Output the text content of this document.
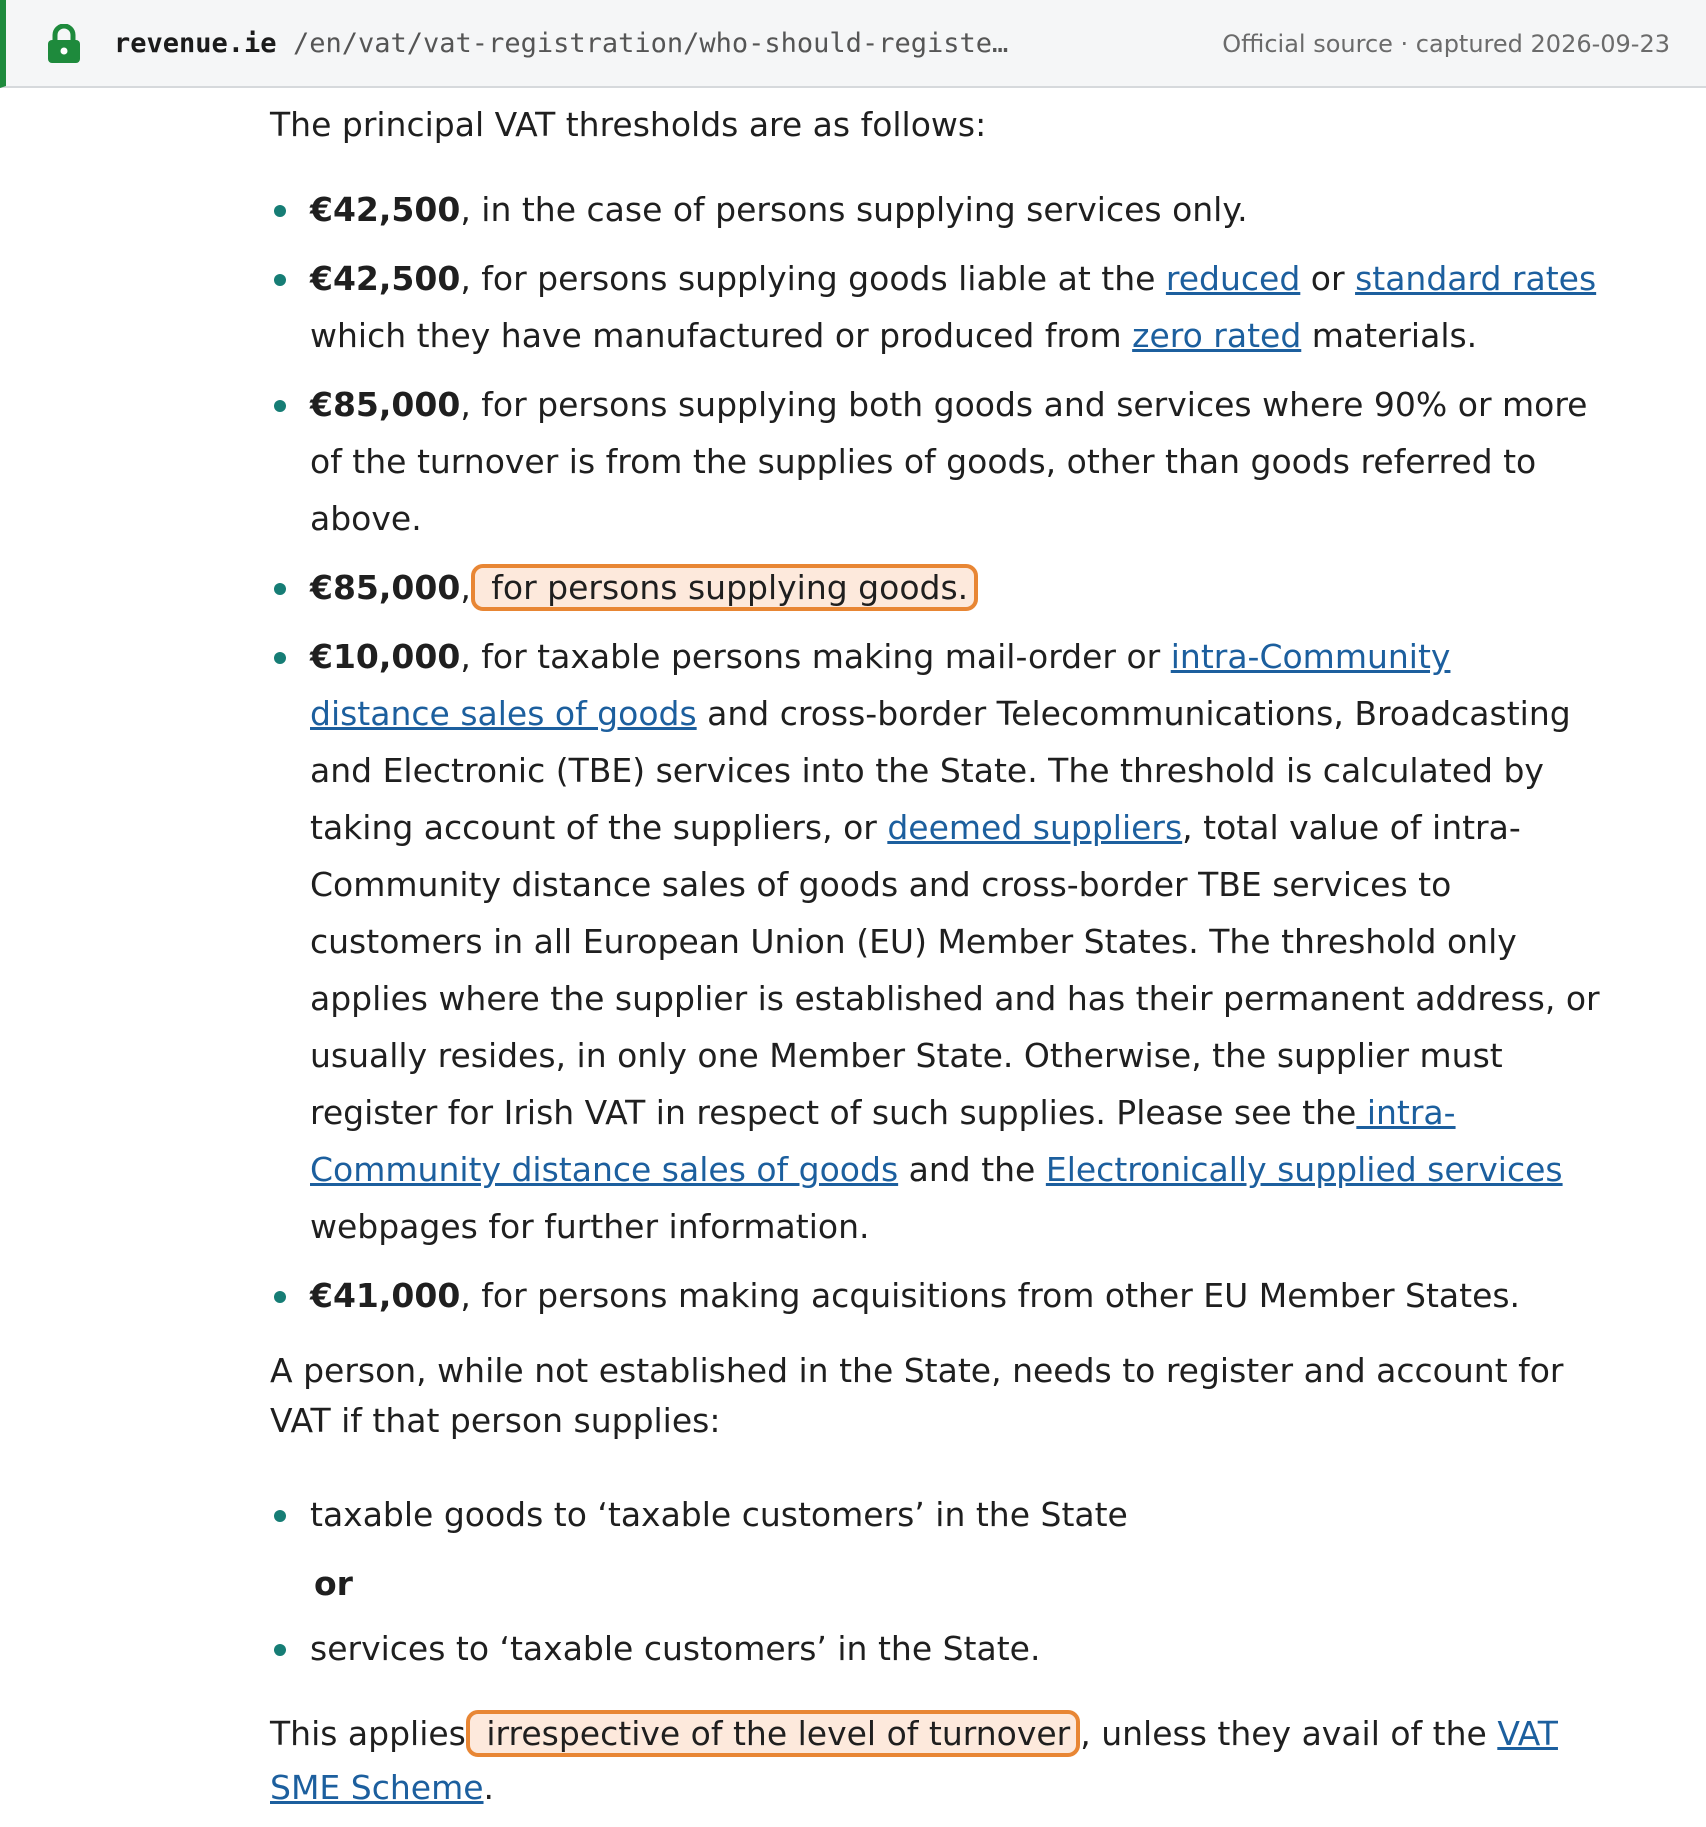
revenue.ie /en/vat/vat-registration/who-should-registe…	Official source · captured 2026-09-23

The principal VAT thresholds are as follows:

€42,500, in the case of persons supplying services only.
€42,500, for persons supplying goods liable at the reduced or standard rates which they have manufactured or produced from zero rated materials.
€85,000, for persons supplying both goods and services where 90% or more of the turnover is from the supplies of goods, other than goods referred to above.
€85,000, for persons supplying goods.
€10,000, for taxable persons making mail-order or intra-Community distance sales of goods and cross-border Telecommunications, Broadcasting and Electronic (TBE) services into the State. The threshold is calculated by taking account of the suppliers, or deemed suppliers, total value of intra-Community distance sales of goods and cross-border TBE services to customers in all European Union (EU) Member States. The threshold only applies where the supplier is established and has their permanent address, or usually resides, in only one Member State. Otherwise, the supplier must register for Irish VAT in respect of such supplies. Please see the intra-Community distance sales of goods and the Electronically supplied services webpages for further information.
€41,000, for persons making acquisitions from other EU Member States.

A person, while not established in the State, needs to register and account for VAT if that person supplies:

taxable goods to ‘taxable customers’ in the State

or

services to ‘taxable customers’ in the State.

This applies irrespective of the level of turnover , unless they avail of the VAT SME Scheme.
